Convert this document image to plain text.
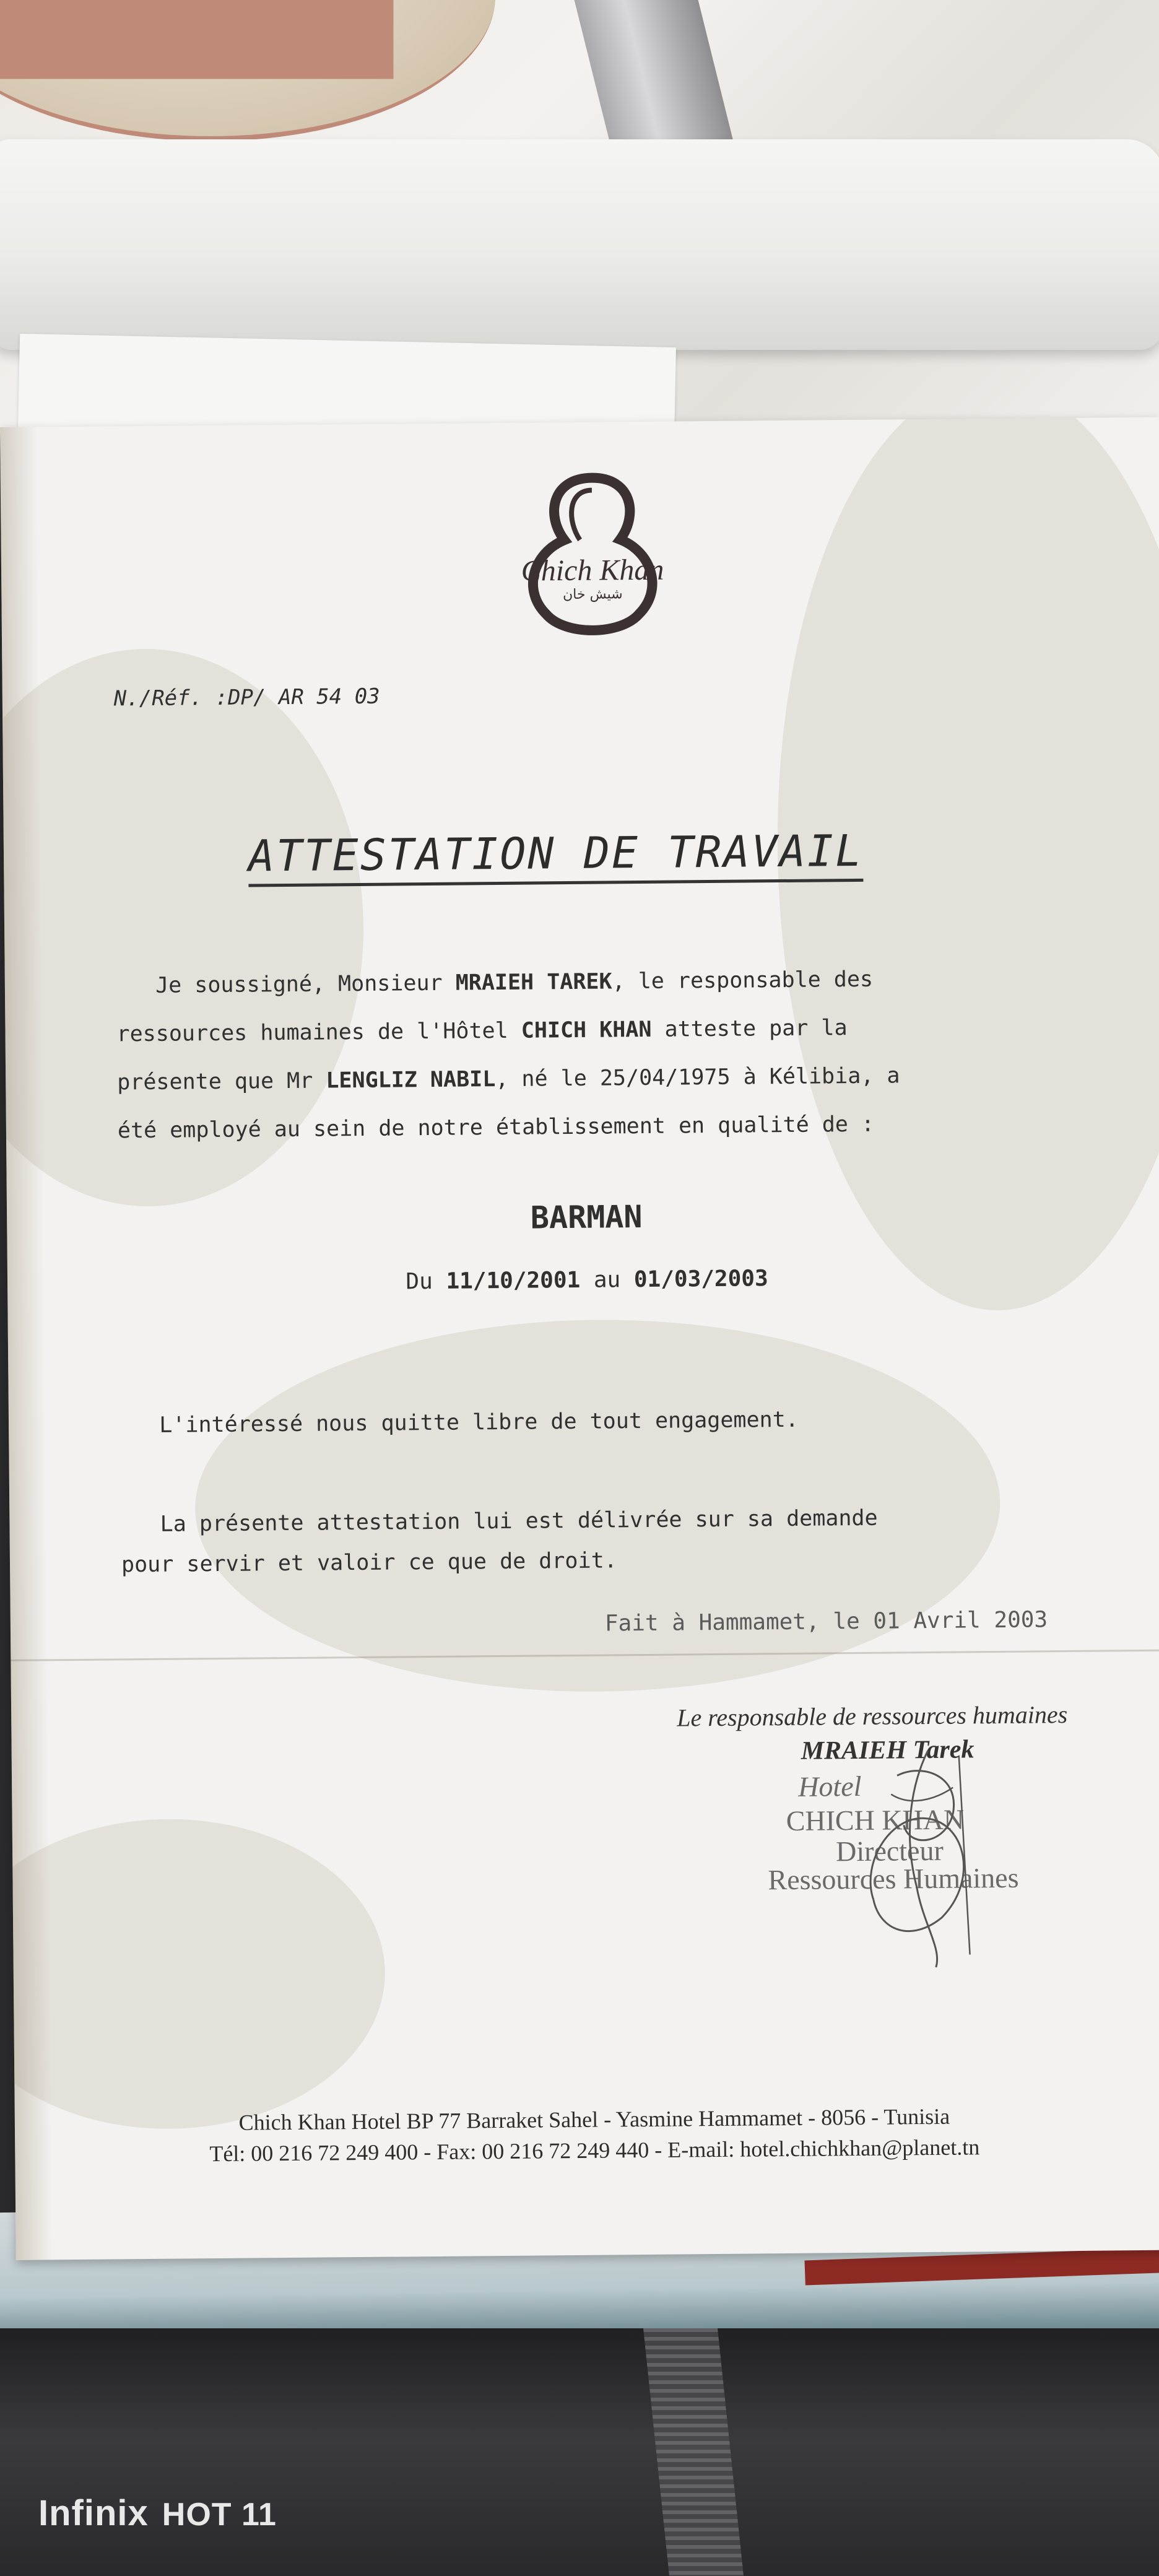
Chich Khan
شيش خان
N./Réf. :DP/ AR 54 03
ATTESTATION DE TRAVAIL
Je soussigné, Monsieur MRAIEH TAREK, le responsable des
ressources humaines de l'Hôtel CHICH KHAN atteste par la
présente que Mr LENGLIZ NABIL, né le 25/04/1975 à Kélibia, a
été employé au sein de notre établissement en qualité de :
BARMAN
Du 11/10/2001 au 01/03/2003
L'intéressé nous quitte libre de tout engagement.
La présente attestation lui est délivrée sur sa demande
pour servir et valoir ce que de droit.
Fait à Hammamet, le 01 Avril 2003
Le responsable de ressources humaines
MRAIEH Tarek
Hotel
CHICH KHAN
Directeur
Ressources Humaines
Chich Khan Hotel BP 77 Barraket Sahel - Yasmine Hammamet - 8056 - Tunisia
Tél: 00 216 72 249 400 - Fax: 00 216 72 249 440 - E-mail: hotel.chichkhan@planet.tn
Infinix HOT 11
